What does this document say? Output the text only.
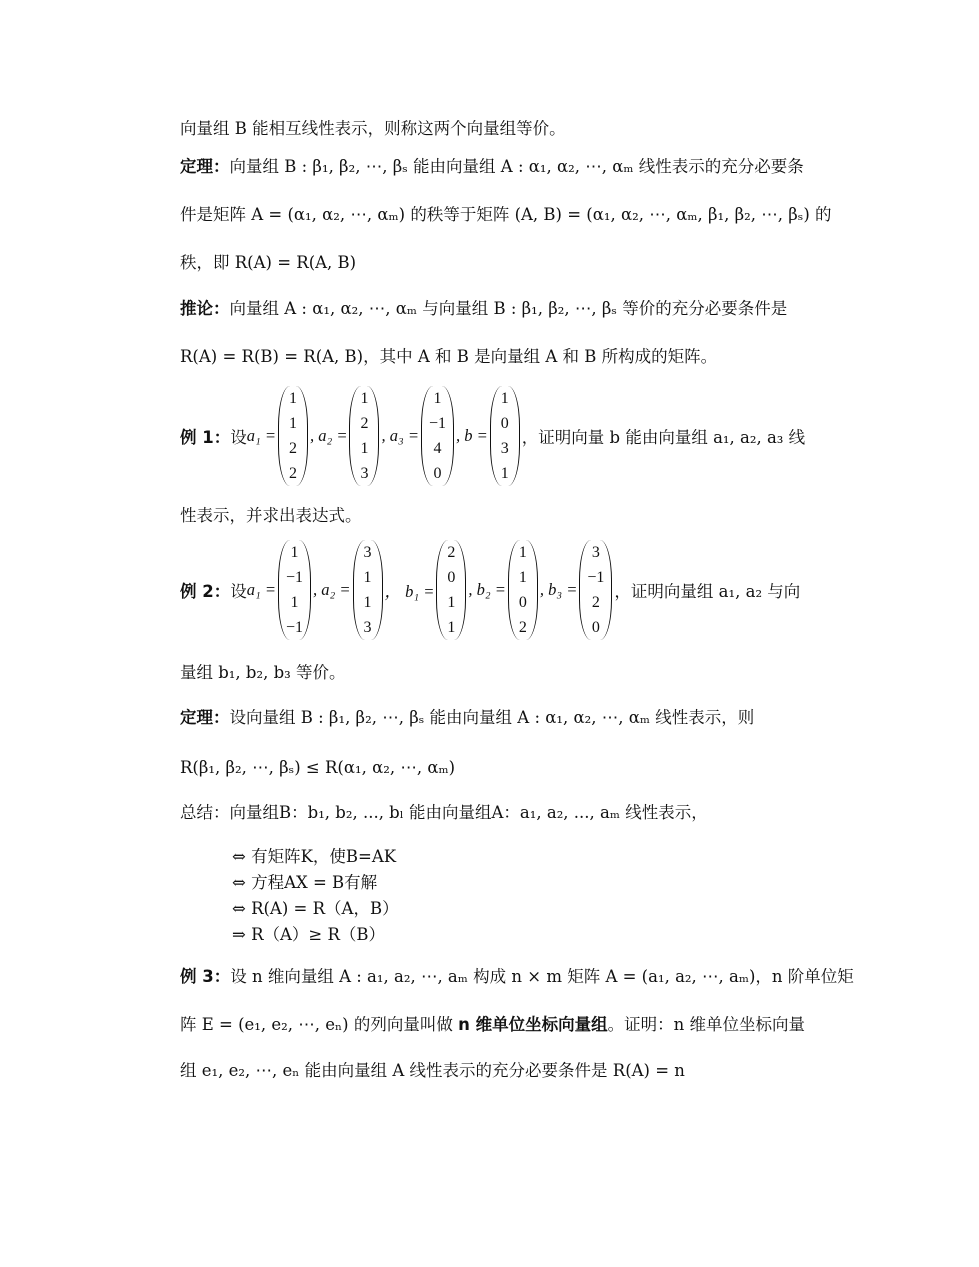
向量组 B 能相互线性表示，则称这两个向量组等价。
定理：向量组 B : β₁, β₂, ⋯, βₛ 能由向量组 A : α₁, α₂, ⋯, αₘ 线性表示的充分必要条
件是矩阵 A = (α₁, α₂, ⋯, αₘ) 的秩等于矩阵 (A, B) = (α₁, α₂, ⋯, αₘ, β₁, β₂, ⋯, βₛ) 的
秩，即 R(A) = R(A, B)
推论：向量组 A : α₁, α₂, ⋯, αₘ 与向量组 B : β₁, β₂, ⋯, βₛ 等价的充分必要条件是
R(A) = R(B) = R(A, B)，其中 A 和 B 是向量组 A 和 B 所构成的矩阵。
例 1： 设 a₁ =
1
1
2
2
, a₂ =
1
2
1
3
, a₃ =
1
−1
4
0
, b =
1
0
3
1
，证明向量 b 能由向量组 a₁, a₂, a₃ 线
性表示，并求出表达式。
例 2： 设 a₁ =
1
−1
1
−1
, a₂ =
3
1
1
3
， b₁ =
2
0
1
1
, b₂ =
1
1
0
2
, b₃ =
3
−1
2
0
，证明向量组 a₁, a₂ 与向
量组 b₁, b₂, b₃ 等价。
定理：设向量组 B : β₁, β₂, ⋯, βₛ 能由向量组 A : α₁, α₂, ⋯, αₘ 线性表示，则
R(β₁, β₂, ⋯, βₛ) ≤ R(α₁, α₂, ⋯, αₘ)
总结：向量组B：b₁, b₂, ..., bₗ 能由向量组A：a₁, a₂, ..., aₘ 线性表示，
⇔ 有矩阵K，使B=AK
⇔ 方程AX = B有解
⇔ R(A) = R（A，B）
⇒ R（A）≥ R（B）
例 3：设 n 维向量组 A : a₁, a₂, ⋯, aₘ 构成 n × m 矩阵 A = (a₁, a₂, ⋯, aₘ)，n 阶单位矩
阵 E = (e₁, e₂, ⋯, eₙ) 的列向量叫做 n 维单位坐标向量组。证明：n 维单位坐标向量
组 e₁, e₂, ⋯, eₙ 能由向量组 A 线性表示的充分必要条件是 R(A) = n
